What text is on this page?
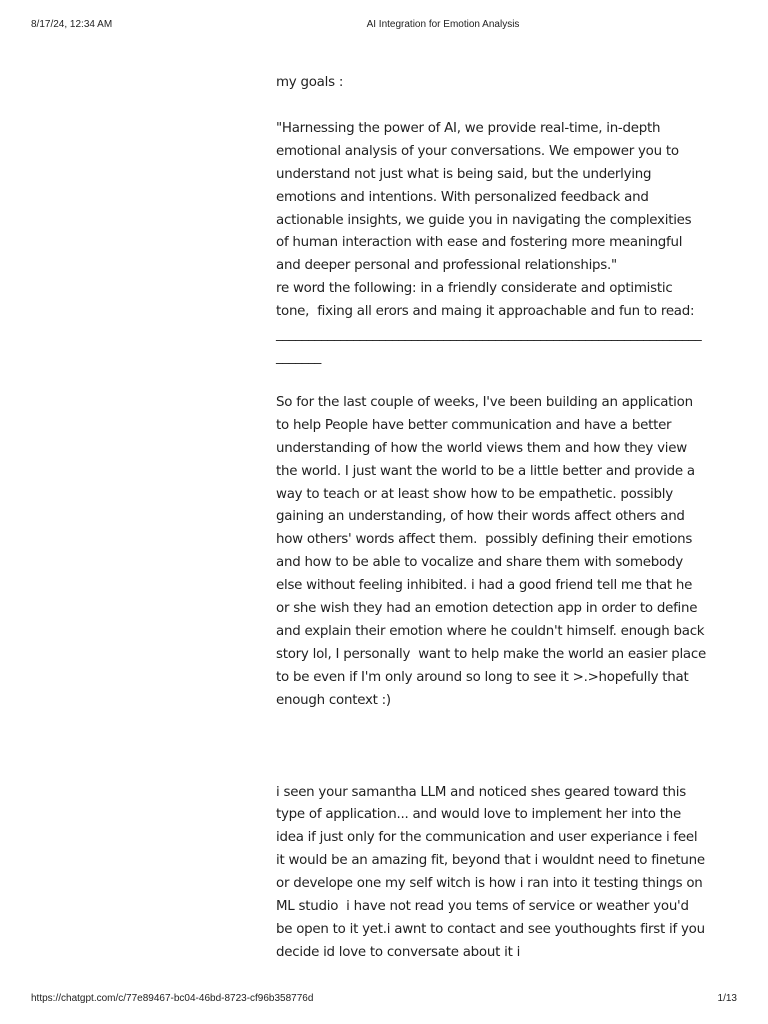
8/17/24, 12:34 AM	AI Integration for Emotion Analysis

my goals :

"Harnessing the power of AI, we provide real-time, in-depth emotional analysis of your conversations. We empower you to understand not just what is being said, but the underlying emotions and intentions. With personalized feedback and actionable insights, we guide you in navigating the complexities of human interaction with ease and fostering more meaningful and deeper personal and professional relationships."

re word the following: in a friendly considerate and optimistic tone,  fixing all erors and maing it approachable and fun to read:

_________________________________________________________________________

So for the last couple of weeks, I've been building an application to help People have better communication and have a better understanding of how the world views them and how they view the world. I just want the world to be a little better and provide a way to teach or at least show how to be empathetic. possibly gaining an understanding, of how their words affect others and how others' words affect them.  possibly defining their emotions and how to be able to vocalize and share them with somebody else without feeling inhibited. i had a good friend tell me that he or she wish they had an emotion detection app in order to define and explain their emotion where he couldn't himself. enough back story lol, I personally  want to help make the world an easier place to be even if I'm only around so long to see it >.>hopefully that enough context :)

i seen your samantha LLM and noticed shes geared toward this type of application... and would love to implement her into the idea if just only for the communication and user experiance i feel it would be an amazing fit, beyond that i wouldnt need to finetune or develope one my self witch is how i ran into it testing things on ML studio  i have not read you tems of service or weather you'd be open to it yet.i awnt to contact and see youthoughts first if you decide id love to conversate about it i

https://chatgpt.com/c/77e89467-bc04-46bd-8723-cf96b358776d	1/13
